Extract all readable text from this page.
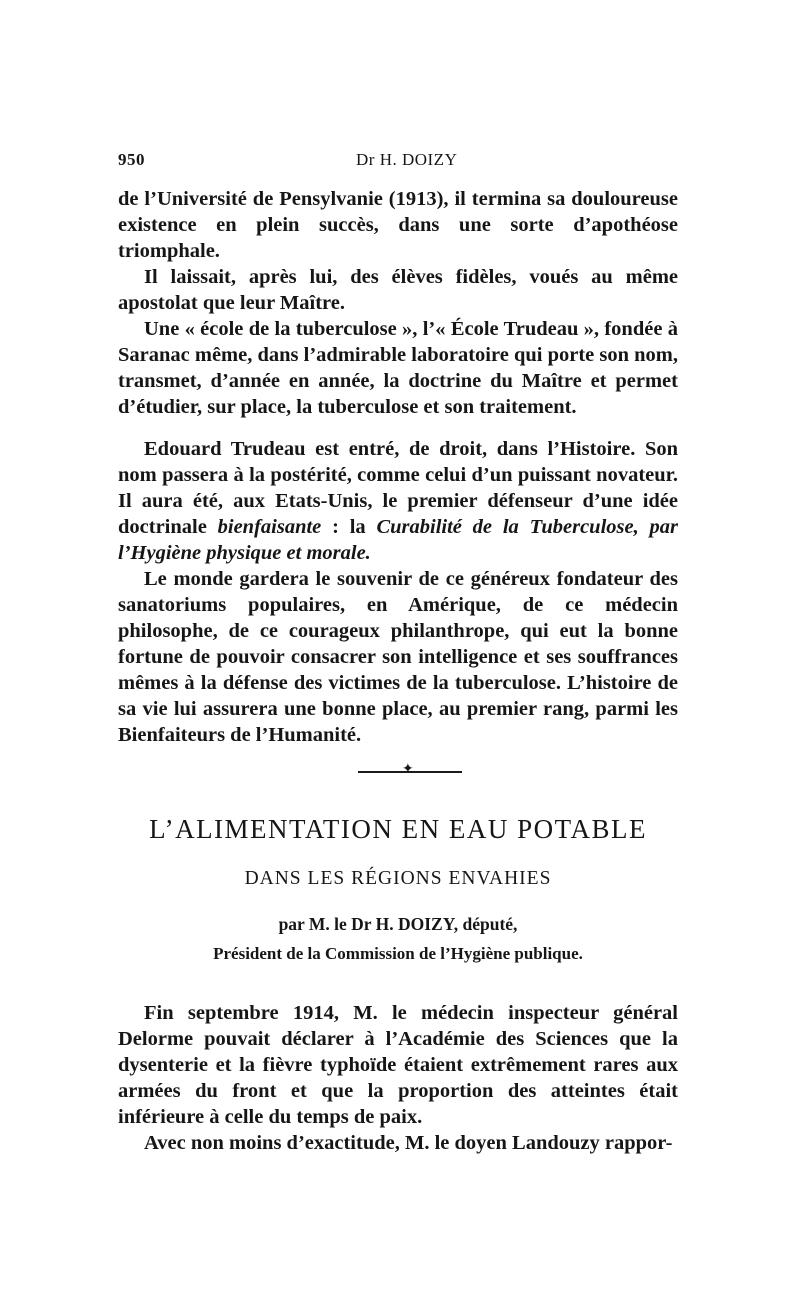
950	Dr H. DOIZY

de l’Université de Pensylvanie (1913), il termina sa douloureuse existence en plein succès, dans une sorte d’apothéose triomphale.

Il laissait, après lui, des élèves fidèles, voués au même apostolat que leur Maître.

Une « école de la tuberculose », l’« École Trudeau », fondée à Saranac même, dans l’admirable laboratoire qui porte son nom, transmet, d’année en année, la doctrine du Maître et permet d’étudier, sur place, la tuberculose et son traitement.

Edouard Trudeau est entré, de droit, dans l’Histoire. Son nom passera à la postérité, comme celui d’un puissant novateur. Il aura été, aux Etats-Unis, le premier défenseur d’une idée doctrinale bienfaisante : la Curabilité de la Tuberculose, par l’Hygiène physique et morale.

Le monde gardera le souvenir de ce généreux fondateur des sanatoriums populaires, en Amérique, de ce médecin philosophe, de ce courageux philanthrope, qui eut la bonne fortune de pouvoir consacrer son intelligence et ses souffrances mêmes à la défense des victimes de la tuberculose. L’histoire de sa vie lui assurera une bonne place, au premier rang, parmi les Bienfaiteurs de l’Humanité.

✦
L’ALIMENTATION EN EAU POTABLE
DANS LES RÉGIONS ENVAHIES
par M. le Dr H. DOIZY, député,
Président de la Commission de l’Hygiène publique.

Fin septembre 1914, M. le médecin inspecteur général Delorme pouvait déclarer à l’Académie des Sciences que la dysenterie et la fièvre typhoïde étaient extrêmement rares aux armées du front et que la proportion des atteintes était inférieure à celle du temps de paix.

Avec non moins d’exactitude, M. le doyen Landouzy rappor-
